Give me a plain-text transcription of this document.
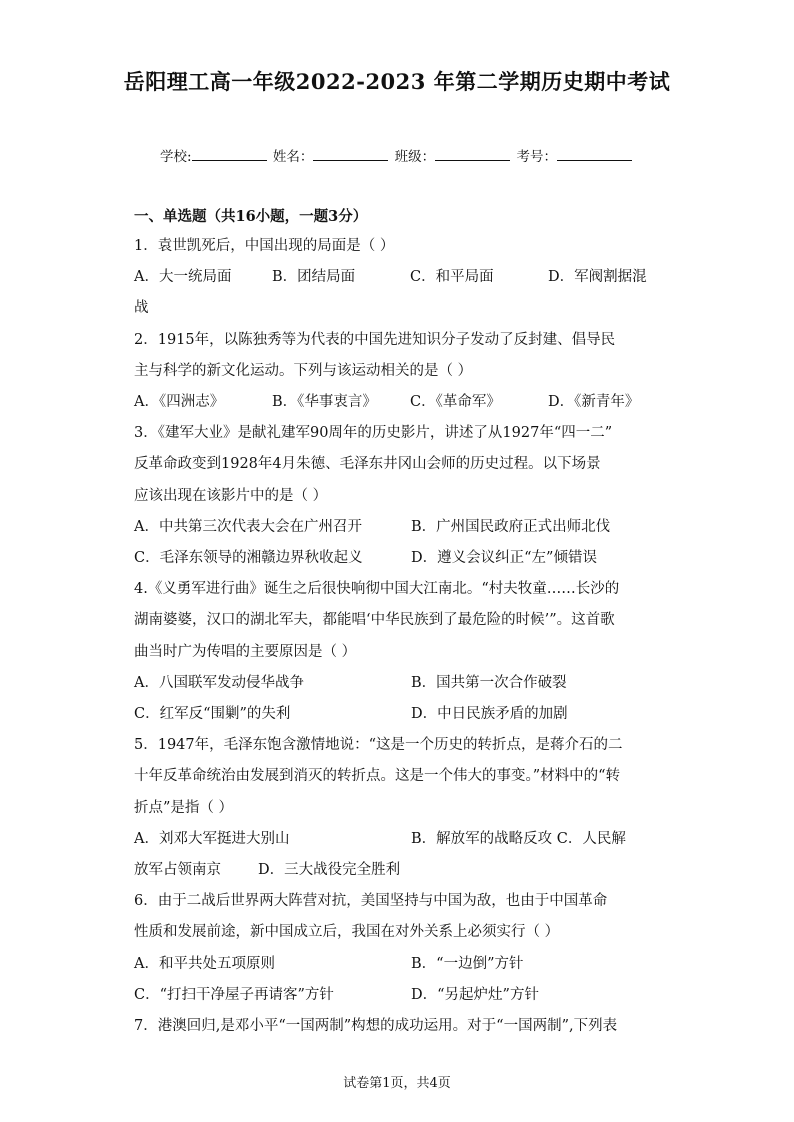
岳阳理工高一年级2022-2023 年第二学期历史期中考试
学校:	姓名：	班级：	考号：
一、单选题（共16小题，一题3分）
1．袁世凯死后，中国出现的局面是（ ）
A．大一统局面	B．团结局面	C．和平局面	D．军阀割据混
战
2．1915年，以陈独秀等为代表的中国先进知识分子发动了反封建、倡导民
主与科学的新文化运动。下列与该运动相关的是（ ）
A．《四洲志》	B．《华事衷言》	C．《革命军》	D．《新青年》
3．《建军大业》是献礼建军90周年的历史影片，讲述了从1927年“四一二”
反革命政变到1928年4月朱德、毛泽东井冈山会师的历史过程。以下场景
应该出现在该影片中的是（ ）
A．中共第三次代表大会在广州召开	B．广州国民政府正式出师北伐
C．毛泽东领导的湘赣边界秋收起义	D．遵义会议纠正“左”倾错误
4.《义勇军进行曲》诞生之后很快响彻中国大江南北。“村夫牧童……长沙的
湖南婆婆，汉口的湖北军夫，都能唱‘中华民族到了最危险的时候’”。这首歌
曲当时广为传唱的主要原因是（ ）
A．八国联军发动侵华战争	B．国共第一次合作破裂
C．红军反“围剿”的失利	D．中日民族矛盾的加剧
5．1947年，毛泽东饱含激情地说：“这是一个历史的转折点，是蒋介石的二
十年反革命统治由发展到消灭的转折点。这是一个伟大的事变。”材料中的“转
折点”是指（ ）
A．刘邓大军挺进大别山	B．解放军的战略反攻 C．人民解
放军占领南京	D．三大战役完全胜利
6．由于二战后世界两大阵营对抗，美国坚持与中国为敌，也由于中国革命
性质和发展前途，新中国成立后，我国在对外关系上必须实行（ ）
A．和平共处五项原则	B．“一边倒”方针
C．“打扫干净屋子再请客”方针	D．“另起炉灶”方针
7．港澳回归,是邓小平“一国两制”构想的成功运用。对于“一国两制”,下列表
试卷第1页，共4页
